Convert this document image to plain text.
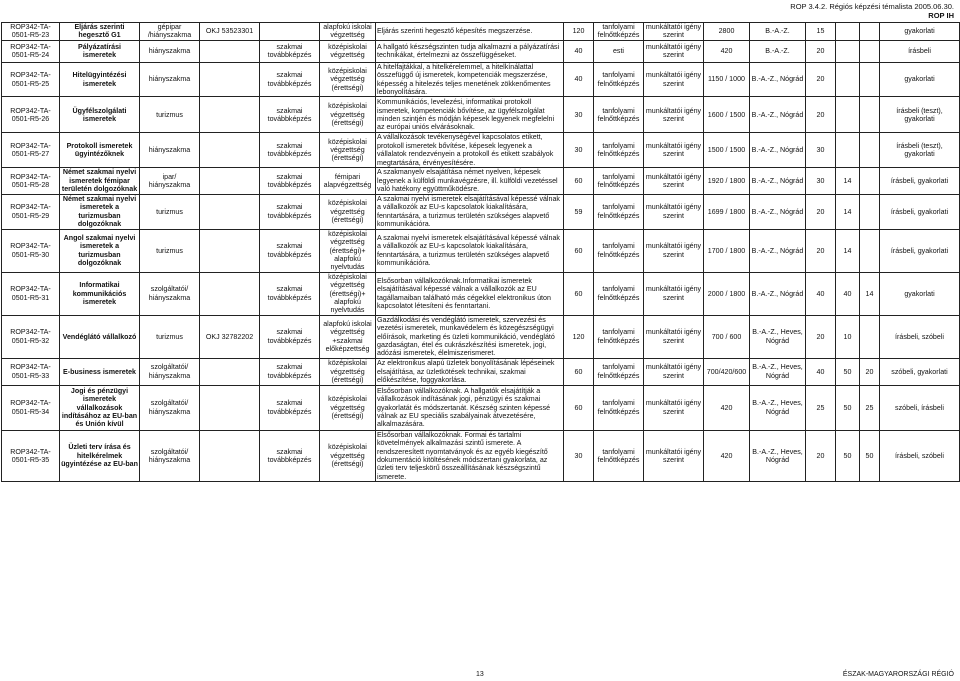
ROP 3.4.2. Régiós képzési témalista 2005.06.30.
ROP IH
ROP342-TA-0501-R5-23	Eljárás szerinti hegesztő G1	gépipar /hiányszakma	OKJ 53523301		alapfokú iskolai végzettség	Eljárás szerinti hegesztő képesítés megszerzése.	120	tanfolyami felnőttképzés	munkáltatói igény szerint	2800	B.-A.-Z.	15			gyakorlati
ROP342-TA-0501-R5-24	Pályázatírási ismeretek	hiányszakma		szakmai továbbképzés	középiskolai végzettség	A hallgató készségszinten tudja alkalmazni a pályázatírási technikákat, értelmezni az összefüggéseket.	40	esti	munkáltatói igény szerint	420	B.-A.-Z.	20			írásbeli
ROP342-TA-0501-R5-25	Hitelügyintézési ismeretek	hiányszakma		szakmai továbbképzés	középiskolai végzettség (érettségi)	A hitelfajtákkal, a hitelkérelemmel, a hitelkínálattal összefüggő új ismeretek, kompetenciák megszerzése, képesség a hitelezés teljes menetének zökkenőmentes lebonyolítására.	40	tanfolyami felnőttképzés	munkáltatói igény szerint	1150 / 1000	B.-A.-Z., Nógrád	20			gyakorlati
ROP342-TA-0501-R5-26	Ügyfélszolgálati ismeretek	turizmus		szakmai továbbképzés	középiskolai végzettség (érettségi)	Kommunikációs, levelezési, informatikai protokoll ismeretek, kompetenciák bővítése, az ügyfélszolgálat minden szintjén és módján képesek legyenek megfelelni az európai uniós elvárásoknak.	30	tanfolyami felnőttképzés	munkáltatói igény szerint	1600 / 1500	B.-A.-Z., Nógrád	20			írásbeli (teszt), gyakorlati
ROP342-TA-0501-R5-27	Protokoll ismeretek ügyintézőknek	hiányszakma		szakmai továbbképzés	középiskolai végzettség (érettségi)	A vállalkozások tevékenységével kapcsolatos etikett, protokoll ismeretek bővítése, képesek legyenek a vállalatok rendezvényein a protokoll és etikett szabályok megtartására, érvényesítésére.	30	tanfolyami felnőttképzés	munkáltatói igény szerint	1500 / 1500	B.-A.-Z., Nógrád	30			írásbeli (teszt), gyakorlati
ROP342-TA-0501-R5-28	Német szakmai nyelvi ismeretek fémipar területén dolgozóknak	ipar/ hiányszakma		szakmai továbbképzés	fémipari alapvégzettség	A szakmanyelv elsajátítása német nyelven, képesek legyenek a külföldi munkavégzésre, ill. külföldi vezetéssel való hatékony együttműködésre.	60	tanfolyami felnőttképzés	munkáltatói igény szerint	1920 / 1800	B.-A.-Z., Nógrád	30	14		írásbeli, gyakorlati
ROP342-TA-0501-R5-29	Német szakmai nyelvi ismeretek a turizmusban dolgozóknak	turizmus		szakmai továbbképzés	középiskolai végzettség (érettségi)	A szakmai nyelvi ismeretek elsajátításával képessé válnak a vállalkozók az EU-s kapcsolatok kiakalítására, fenntartására, a turizmus területén szükséges alapvető kommunikációra.	59	tanfolyami felnőttképzés	munkáltatói igény szerint	1699 / 1800	B.-A.-Z., Nógrád	20	14		írásbeli, gyakorlati
ROP342-TA-0501-R5-30	Angol szakmai nyelvi ismeretek a turizmusban dolgozóknak	turizmus		szakmai továbbképzés	középiskolai végzettség (érettségi)+ alapfokú nyelvtudás	A szakmai nyelvi ismeretek elsajátításával képessé válnak a vállalkozók az EU-s kapcsolatok kiakalítására, fenntartására, a turizmus területén szükséges alapvető kommunikációra.	60	tanfolyami felnőttképzés	munkáltatói igény szerint	1700 / 1800	B.-A.-Z., Nógrád	20	14		írásbeli, gyakorlati
ROP342-TA-0501-R5-31	Informatikai kommunikációs ismeretek	szolgáltatói/ hiányszakma		szakmai továbbképzés	középiskolai végzettség (érettségi)+ alapfokú nyelvtudás	Elsősorban vállalkozóknak.Informatikai ismeretek elsajátításával képessé válnak a vállalkozók az EU tagállamaiban található más cégekkel elektronikus úton kapcsolatot létesíteni és fenntartani.	60	tanfolyami felnőttképzés	munkáltatói igény szerint	2000 / 1800	B.-A.-Z., Nógrád	40	40	14	gyakorlati
ROP342-TA-0501-R5-32	Vendéglátó vállalkozó	turizmus	OKJ 32782202	szakmai továbbképzés	alapfokú iskolai végzettség +szakmai előképzettség	Gazdálkodási és vendéglátó ismeretek, szervezési és vezetési ismeretek, munkavédelem és közegészségügyi előírások, marketing és üzleti kommunikáció, vendéglátó gazdaságtan, étel és cukrászkészítési ismeretek, jogi, adózási ismeretek, élelmiszerismeret.	120	tanfolyami felnőttképzés	munkáltatói igény szerint	700 / 600	B.-A.-Z., Heves, Nógrád	20	10		írásbeli, szóbeli
ROP342-TA-0501-R5-33	E-business ismeretek	szolgáltatói/ hiányszakma		szakmai továbbképzés	középiskolai végzettség (érettségi)	Az elektronikus alapú üzletek bonyolításának lépéseinek elsajátítása, az üzletkötések technikai, szakmai előkészítése, foggyakorlása.	60	tanfolyami felnőttképzés	munkáltatói igény szerint	700/420/600	B.-A.-Z., Heves, Nógrád	40	50	20	szóbeli, gyakorlati
ROP342-TA-0501-R5-34	Jogi és pénzügyi ismeretek vállalkozások indításához az EU-ban és Unión kívül	szolgáltatói/ hiányszakma		szakmai továbbképzés	középiskolai végzettség (érettségi)	Elsősorban vállalkozóknak. A hallgatók elsajátítják a vállalkozások indításának jogi, pénzügyi és szakmai gyakorlatát és módszertanát. Készség szinten képessé válnak az EU speciális szabályainak átvezetésére, alkalmazására.	60	tanfolyami felnőttképzés	munkáltatói igény szerint	420	B.-A.-Z., Heves, Nógrád	25	50	25	szóbeli, írásbeli
ROP342-TA-0501-R5-35	Üzleti terv írása és hitelkérelmek ügyintézése az EU-ban	szolgáltatói/ hiányszakma		szakmai továbbképzés	középiskolai végzettség (érettségi)	Elsősorban vállalkozóknak. Formai és tartalmi követelmények alkalmazási szintű ismerete. A rendszeresített nyomtatványok és az egyéb kiegészítő dokumentáció kitöltésének módszertani gyakorlata, az üzleti terv teljeskörű összeállításának készségszintű ismerete.	30	tanfolyami felnőttképzés	munkáltatói igény szerint	420	B.-A.-Z., Heves, Nógrád	20	50	50	írásbeli, szóbeli
13	ÉSZAK-MAGYARORSZÁGI RÉGIÓ
